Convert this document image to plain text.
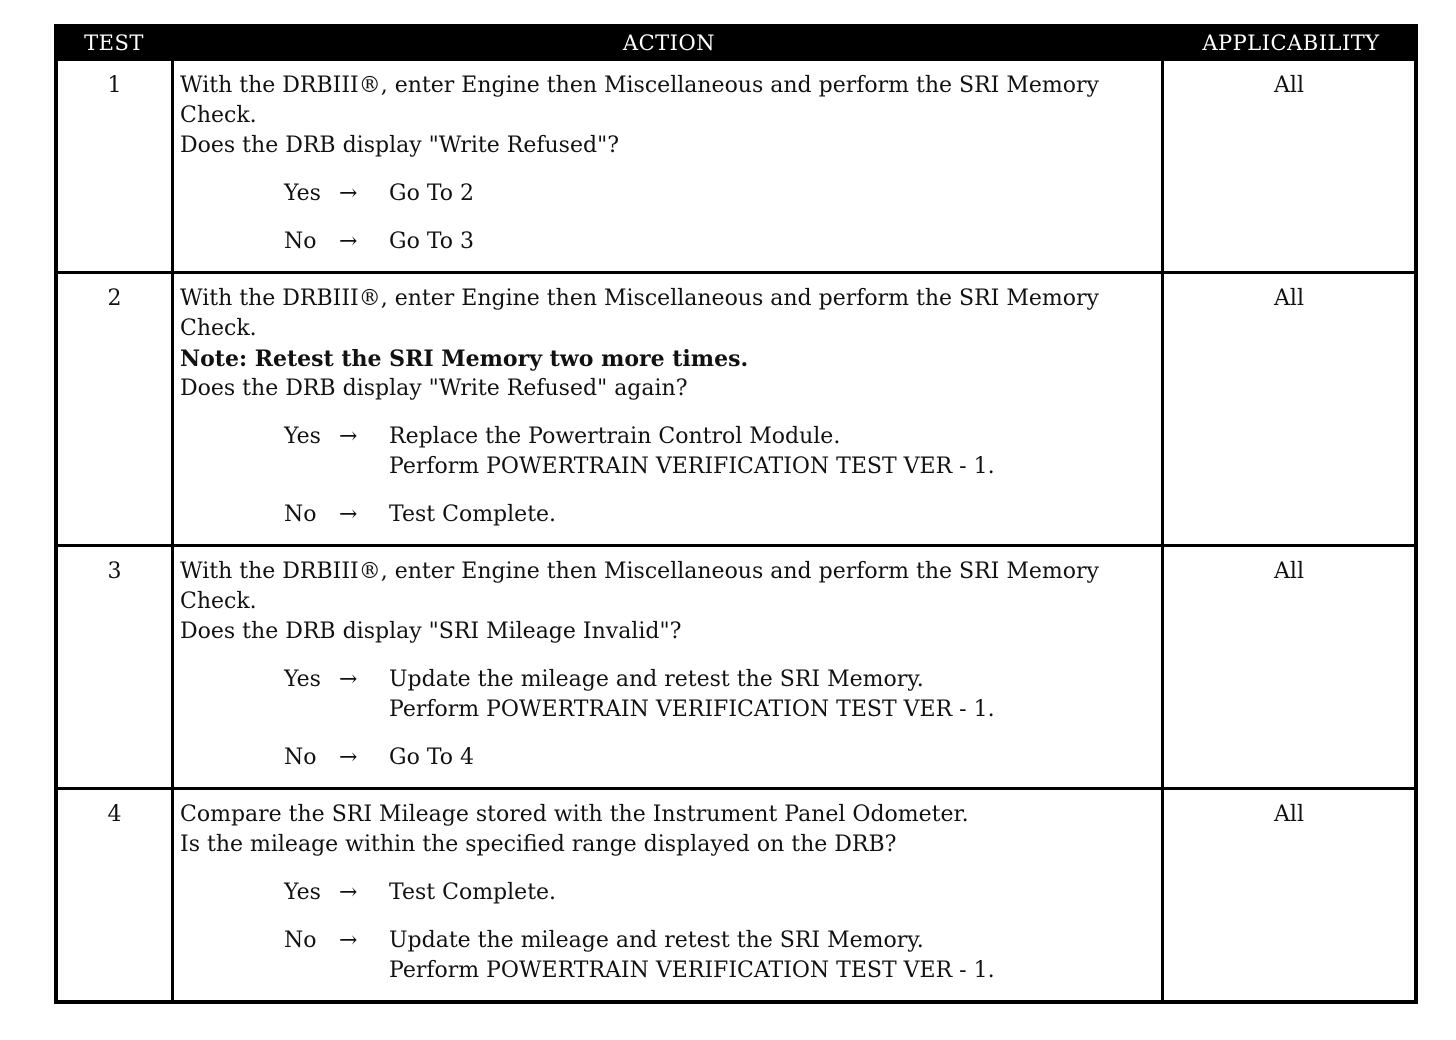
TEST	ACTION	APPLICABILITY
1	With the DRBIII®, enter Engine then Miscellaneous and perform the SRI Memory Check.
Does the DRB display "Write Refused"?
Yes →	Go To 2
No	→	Go To 3
All
2	With the DRBIII®, enter Engine then Miscellaneous and perform the SRI Memory Check.
Note: Retest the SRI Memory two more times.
Does the DRB display "Write Refused" again?
Yes →	Replace the Powertrain Control Module.
Perform POWERTRAIN VERIFICATION TEST VER - 1.
No	→	Test Complete.
All
3	With the DRBIII®, enter Engine then Miscellaneous and perform the SRI Memory Check.
Does the DRB display "SRI Mileage Invalid"?
Yes →	Update the mileage and retest the SRI Memory.
Perform POWERTRAIN VERIFICATION TEST VER - 1.
No	→	Go To 4
All
4	Compare the SRI Mileage stored with the Instrument Panel Odometer.
Is the mileage within the specified range displayed on the DRB?
Yes →	Test Complete.
No	→	Update the mileage and retest the SRI Memory.
Perform POWERTRAIN VERIFICATION TEST VER - 1.
All
